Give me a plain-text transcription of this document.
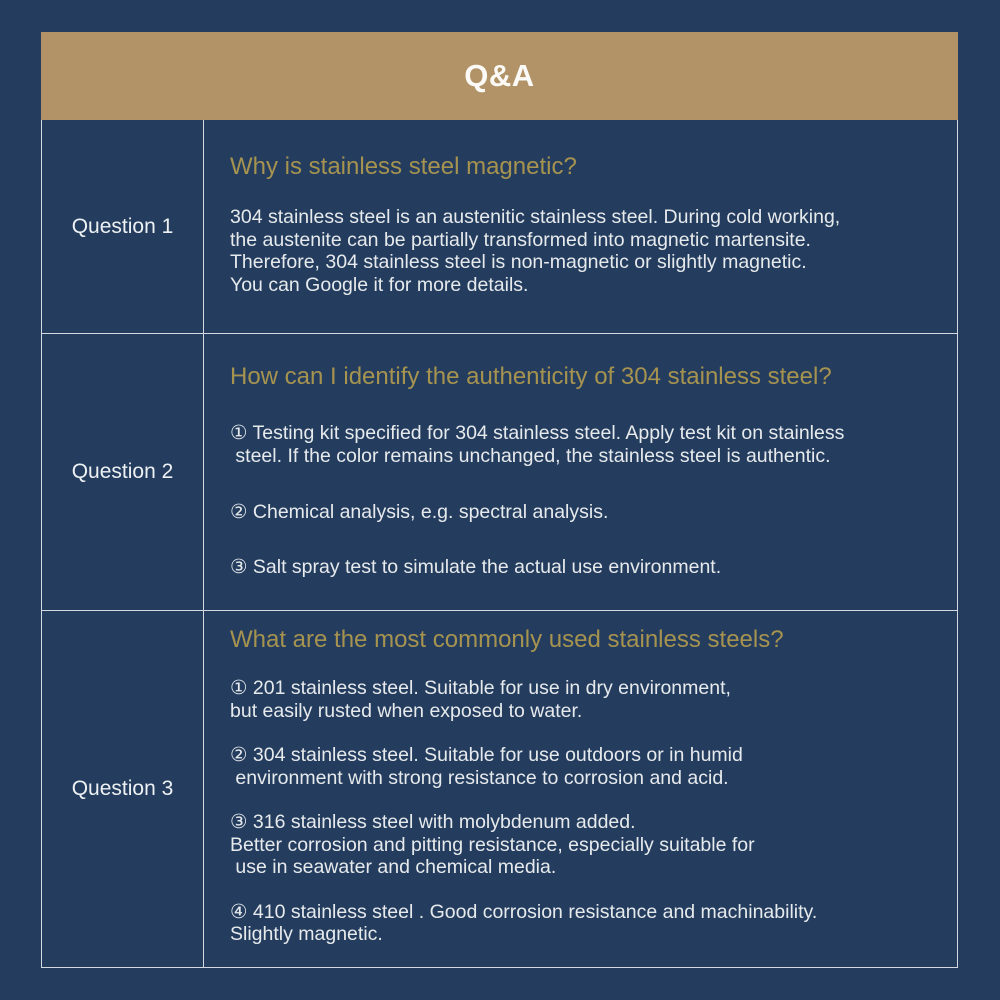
Q&A
Question 1
Why is stainless steel magnetic?
304 stainless steel is an austenitic stainless steel. During cold working,
the austenite can be partially transformed into magnetic martensite.
Therefore, 304 stainless steel is non-magnetic or slightly magnetic.
You can Google it for more details.
Question 2
How can I identify the authenticity of 304 stainless steel?
① Testing kit specified for 304 stainless steel. Apply test kit on stainless
steel. If the color remains unchanged, the stainless steel is authentic.
② Chemical analysis, e.g. spectral analysis.
③ Salt spray test to simulate the actual use environment.
Question 3
What are the most commonly used stainless steels?
① 201 stainless steel. Suitable for use in dry environment,
but easily rusted when exposed to water.
② 304 stainless steel. Suitable for use outdoors or in humid
environment with strong resistance to corrosion and acid.
③ 316 stainless steel with molybdenum added.
Better corrosion and pitting resistance, especially suitable for
use in seawater and chemical media.
④ 410 stainless steel . Good corrosion resistance and machinability.
Slightly magnetic.
